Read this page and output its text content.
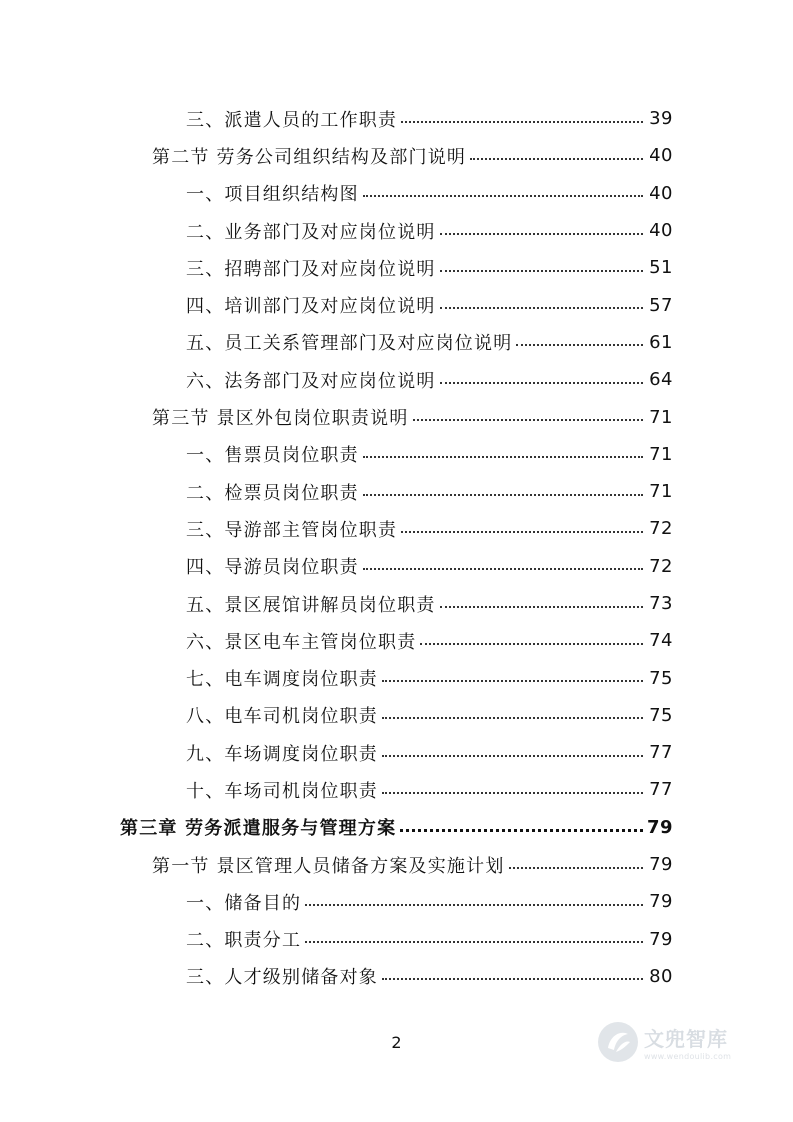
三、派遣人员的工作职责	39
第二节 劳务公司组织结构及部门说明	40
一、项目组织结构图	40
二、业务部门及对应岗位说明	40
三、招聘部门及对应岗位说明	51
四、培训部门及对应岗位说明	57
五、员工关系管理部门及对应岗位说明	61
六、法务部门及对应岗位说明	64
第三节 景区外包岗位职责说明	71
一、售票员岗位职责	71
二、检票员岗位职责	71
三、导游部主管岗位职责	72
四、导游员岗位职责	72
五、景区展馆讲解员岗位职责	73
六、景区电车主管岗位职责	74
七、电车调度岗位职责	75
八、电车司机岗位职责	75
九、车场调度岗位职责	77
十、车场司机岗位职责	77
第三章 劳务派遣服务与管理方案	79
第一节 景区管理人员储备方案及实施计划	79
一、储备目的	79
二、职责分工	79
三、人才级别储备对象	80
2	文兜智库
www.wendoulib.com
